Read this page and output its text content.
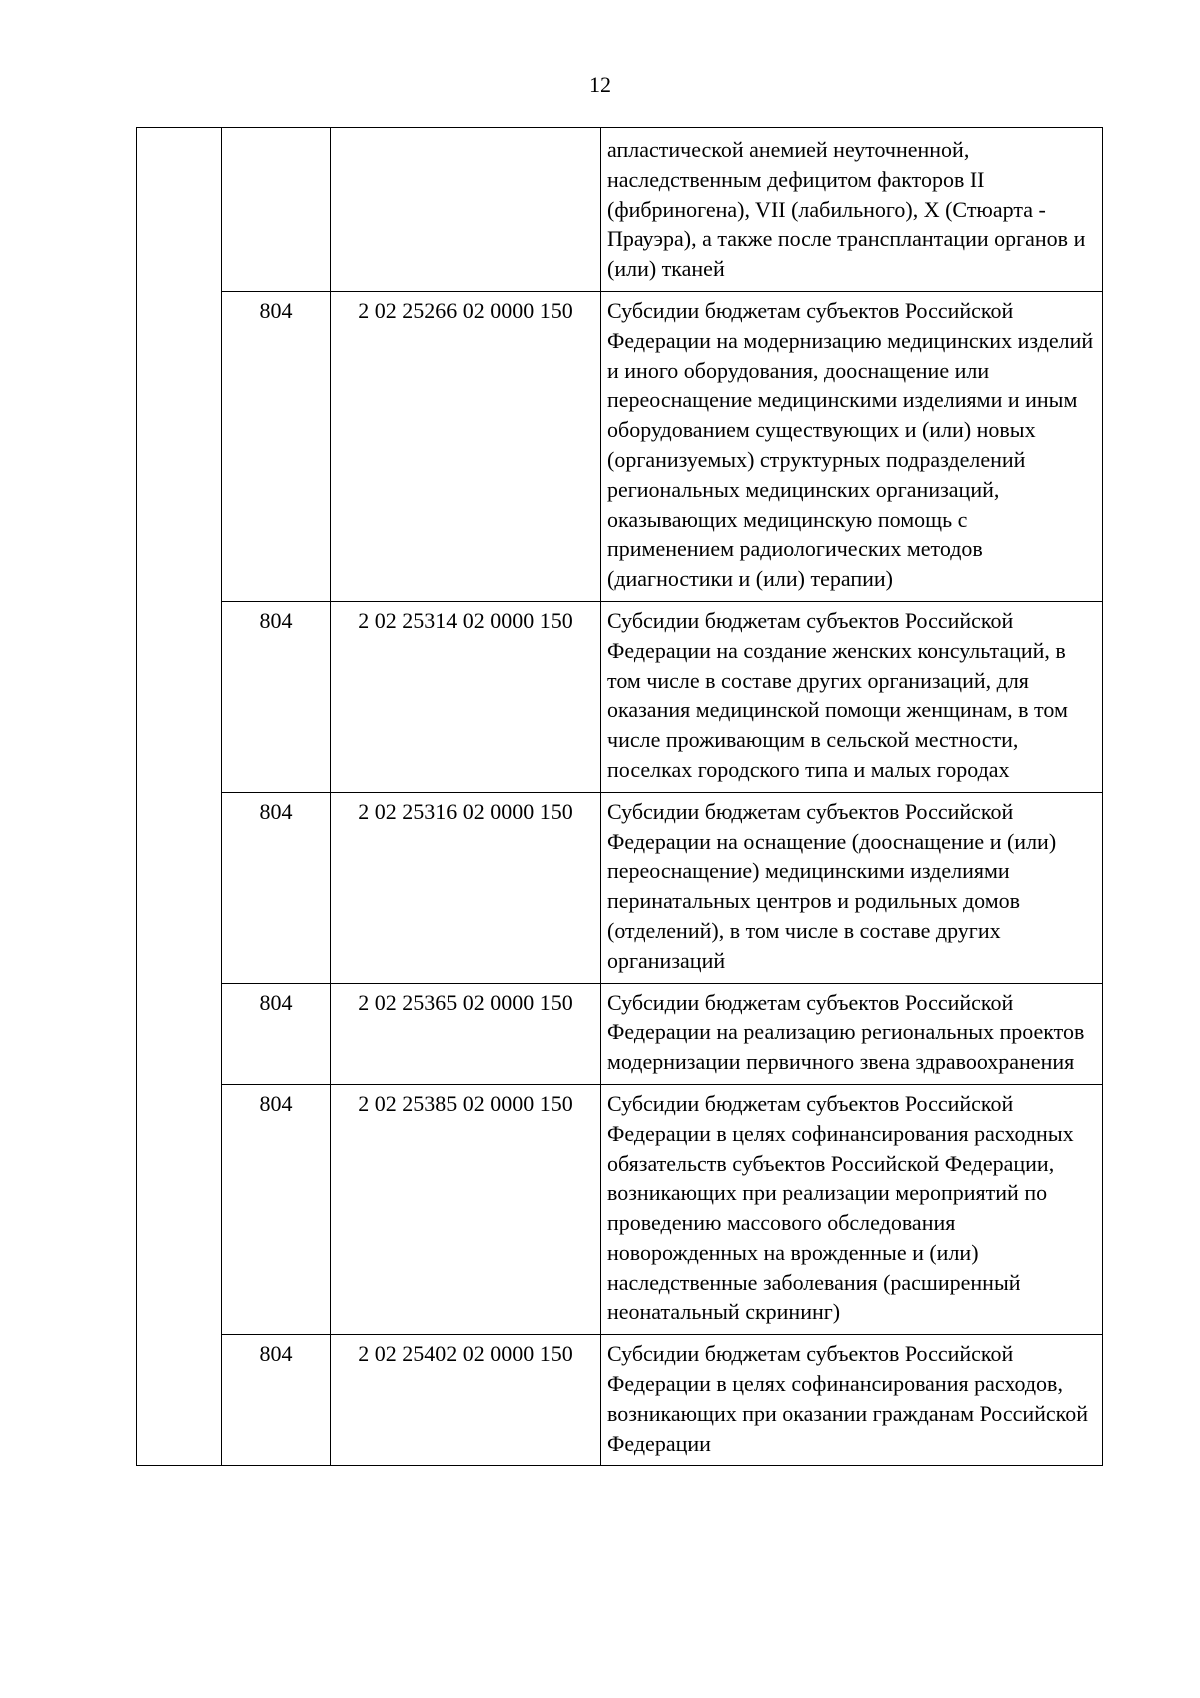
12
			апластической анемией неуточненной, наследственным дефицитом факторов II (фибриногена), VII (лабильного), X (Стюарта - Прауэра), а также после трансплантации органов и (или) тканей
	804	2 02 25266 02 0000 150	Субсидии бюджетам субъектов Российской Федерации на модернизацию медицинских изделий и иного оборудования, дооснащение или переоснащение медицинскими изделиями и иным оборудованием существующих и (или) новых (организуемых) структурных подразделений региональных медицинских организаций, оказывающих медицинскую помощь с применением радиологических методов (диагностики и (или) терапии)
	804	2 02 25314 02 0000 150	Субсидии бюджетам субъектов Российской Федерации на создание женских консультаций, в том числе в составе других организаций, для оказания медицинской помощи женщинам, в том числе проживающим в сельской местности, поселках городского типа и малых городах
	804	2 02 25316 02 0000 150	Субсидии бюджетам субъектов Российской Федерации на оснащение (дооснащение и (или) переоснащение) медицинскими изделиями перинатальных центров и родильных домов (отделений), в том числе в составе других организаций
	804	2 02 25365 02 0000 150	Субсидии бюджетам субъектов Российской Федерации на реализацию региональных проектов модернизации первичного звена здравоохранения
	804	2 02 25385 02 0000 150	Субсидии бюджетам субъектов Российской Федерации в целях софинансирования расходных обязательств субъектов Российской Федерации, возникающих при реализации мероприятий по проведению массового обследования новорожденных на врожденные и (или) наследственные заболевания (расширенный неонатальный скрининг)
	804	2 02 25402 02 0000 150	Субсидии бюджетам субъектов Российской Федерации в целях софинансирования расходов, возникающих при оказании гражданам Российской Федерации
